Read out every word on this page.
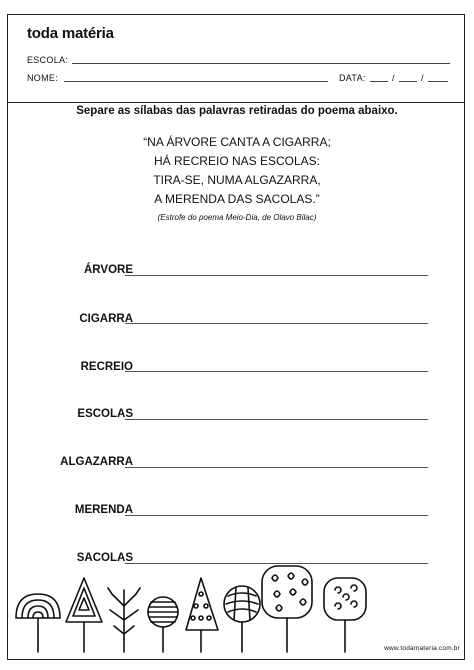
toda matéria
ESCOLA:
NOME:	DATA:	/	/
Separe as sílabas das palavras retiradas do poema abaixo.
“NA ÁRVORE CANTA A CIGARRA;
HÁ RECREIO NAS ESCOLAS:
TIRA-SE, NUMA ALGAZARRA,
A MERENDA DAS SACOLAS.”
(Estrofe do poema Meio-Dia, de Olavo Bilac)
ÁRVORE
CIGARRA
RECREIO
ESCOLAS
ALGAZARRA
MERENDA
SACOLAS
www.todamateria.com.br
